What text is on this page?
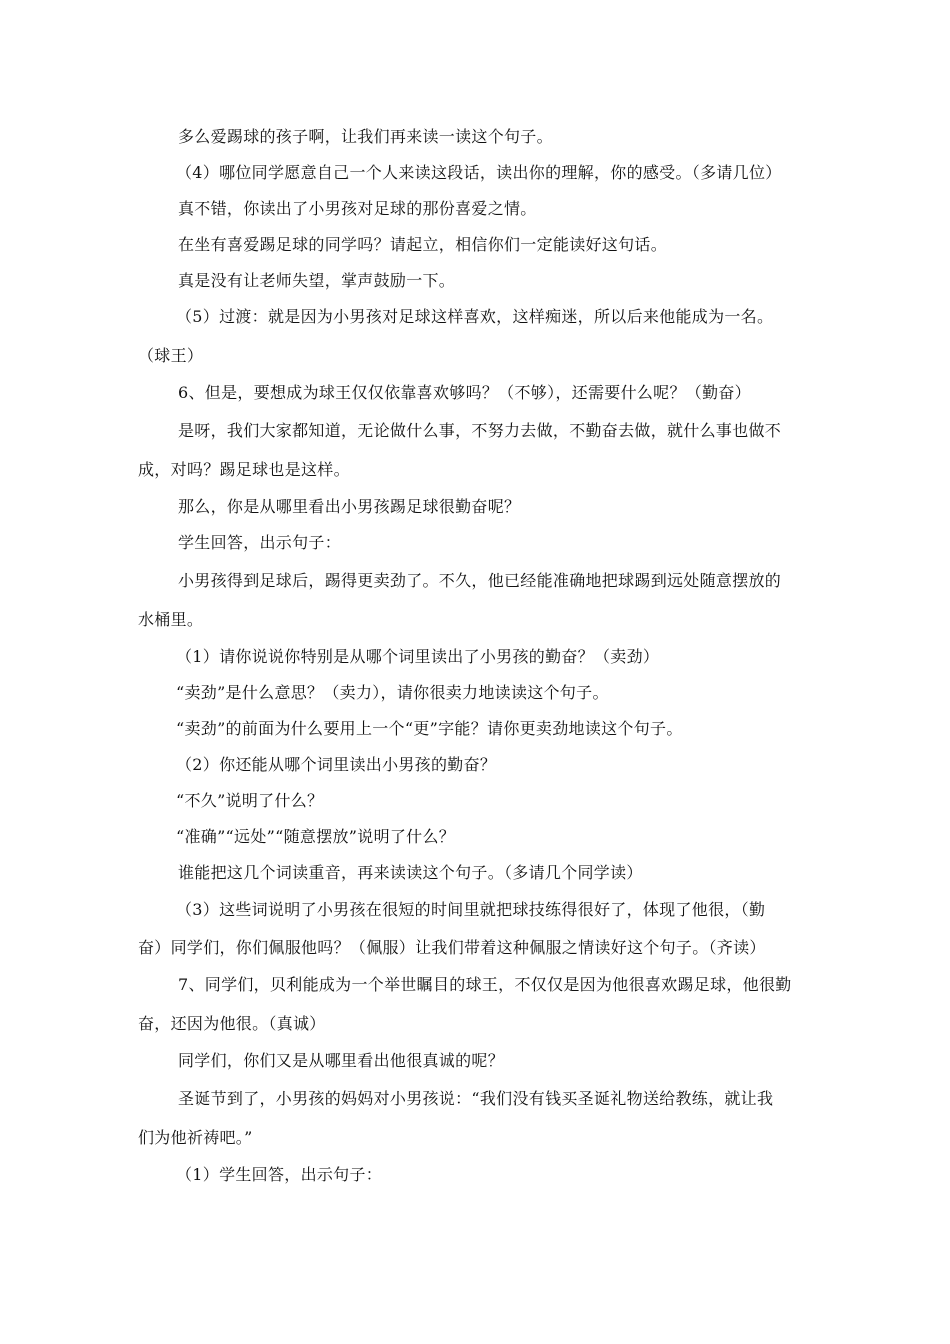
多么爱踢球的孩子啊，让我们再来读一读这个句子。
（4）哪位同学愿意自己一个人来读这段话，读出你的理解，你的感受。（多请几位）
真不错，你读出了小男孩对足球的那份喜爱之情。
在坐有喜爱踢足球的同学吗？请起立，相信你们一定能读好这句话。
真是没有让老师失望，掌声鼓励一下。
（5）过渡：就是因为小男孩对足球这样喜欢，这样痴迷，所以后来他能成为一名。
（球王）
6、但是，要想成为球王仅仅依靠喜欢够吗？（不够），还需要什么呢？（勤奋）
是呀，我们大家都知道，无论做什么事，不努力去做，不勤奋去做，就什么事也做不
成，对吗？踢足球也是这样。
那么，你是从哪里看出小男孩踢足球很勤奋呢？
学生回答，出示句子：
小男孩得到足球后，踢得更卖劲了。不久，他已经能准确地把球踢到远处随意摆放的
水桶里。
（1）请你说说你特别是从哪个词里读出了小男孩的勤奋？（卖劲）
“卖劲”是什么意思？（卖力），请你很卖力地读读这个句子。
“卖劲”的前面为什么要用上一个“更”字能？请你更卖劲地读这个句子。
（2）你还能从哪个词里读出小男孩的勤奋？
“不久”说明了什么？
“准确”“远处”“随意摆放”说明了什么？
谁能把这几个词读重音，再来读读这个句子。（多请几个同学读）
（3）这些词说明了小男孩在很短的时间里就把球技练得很好了，体现了他很，（勤
奋）同学们，你们佩服他吗？（佩服）让我们带着这种佩服之情读好这个句子。（齐读）
7、同学们，贝利能成为一个举世瞩目的球王，不仅仅是因为他很喜欢踢足球，他很勤
奋，还因为他很。（真诚）
同学们，你们又是从哪里看出他很真诚的呢？
圣诞节到了，小男孩的妈妈对小男孩说：“我们没有钱买圣诞礼物送给教练，就让我
们为他祈祷吧。”
（1）学生回答，出示句子：
